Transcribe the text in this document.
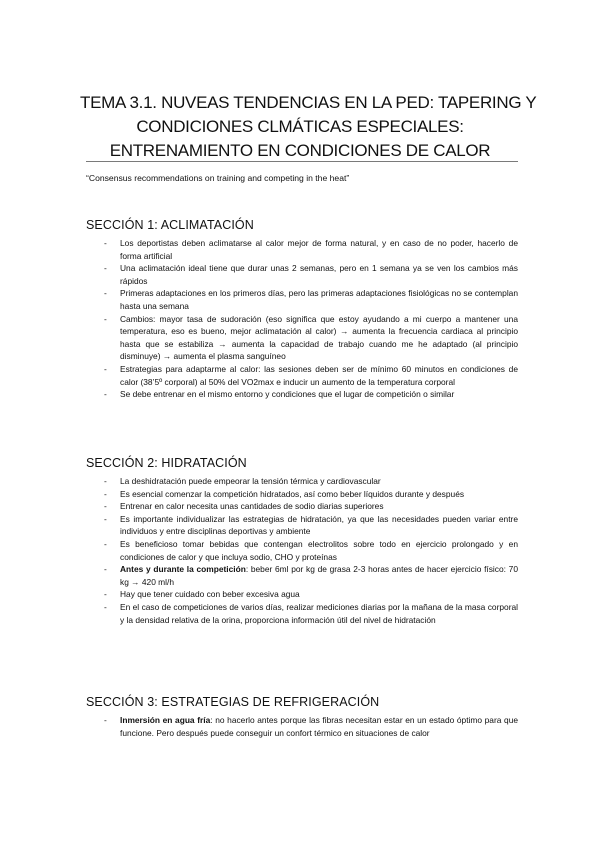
TEMA 3.1. NUVEAS TENDENCIAS EN LA PED: TAPERING Y
CONDICIONES CLMÁTICAS ESPECIALES:
ENTRENAMIENTO EN CONDICIONES DE CALOR
“Consensus recommendations on training and competing in the heat”
SECCIÓN 1: ACLIMATACIÓN
- Los deportistas deben aclimatarse al calor mejor de forma natural, y en caso de no poder, hacerlo de forma artificial
- Una aclimatación ideal tiene que durar unas 2 semanas, pero en 1 semana ya se ven los cambios más rápidos
- Primeras adaptaciones en los primeros días, pero las primeras adaptaciones fisiológicas no se contemplan hasta una semana
- Cambios: mayor tasa de sudoración (eso significa que estoy ayudando a mi cuerpo a mantener una temperatura, eso es bueno, mejor aclimatación al calor) → aumenta la frecuencia cardiaca al principio hasta que se estabiliza → aumenta la capacidad de trabajo cuando me he adaptado (al principio disminuye) → aumenta el plasma sanguíneo
- Estrategias para adaptarme al calor: las sesiones deben ser de mínimo 60 minutos en condiciones de calor (38’5º corporal) al 50% del VO2max e inducir un aumento de la temperatura corporal
- Se debe entrenar en el mismo entorno y condiciones que el lugar de competición o similar
SECCIÓN 2: HIDRATACIÓN
- La deshidratación puede empeorar la tensión térmica y cardiovascular
- Es esencial comenzar la competición hidratados, así como beber líquidos durante y después
- Entrenar en calor necesita unas cantidades de sodio diarias superiores
- Es importante individualizar las estrategias de hidratación, ya que las necesidades pueden variar entre individuos y entre disciplinas deportivas y ambiente
- Es beneficioso tomar bebidas que contengan electrolitos sobre todo en ejercicio prolongado y en condiciones de calor y que incluya sodio, CHO y proteínas
- Antes y durante la competición: beber 6ml por kg de grasa 2-3 horas antes de hacer ejercicio físico: 70 kg → 420 ml/h
- Hay que tener cuidado con beber excesiva agua
- En el caso de competiciones de varios días, realizar mediciones diarias por la mañana de la masa corporal y la densidad relativa de la orina, proporciona información útil del nivel de hidratación
SECCIÓN 3: ESTRATEGIAS DE REFRIGERACIÓN
- Inmersión en agua fría: no hacerlo antes porque las fibras necesitan estar en un estado óptimo para que funcione. Pero después puede conseguir un confort térmico en situaciones de calor
